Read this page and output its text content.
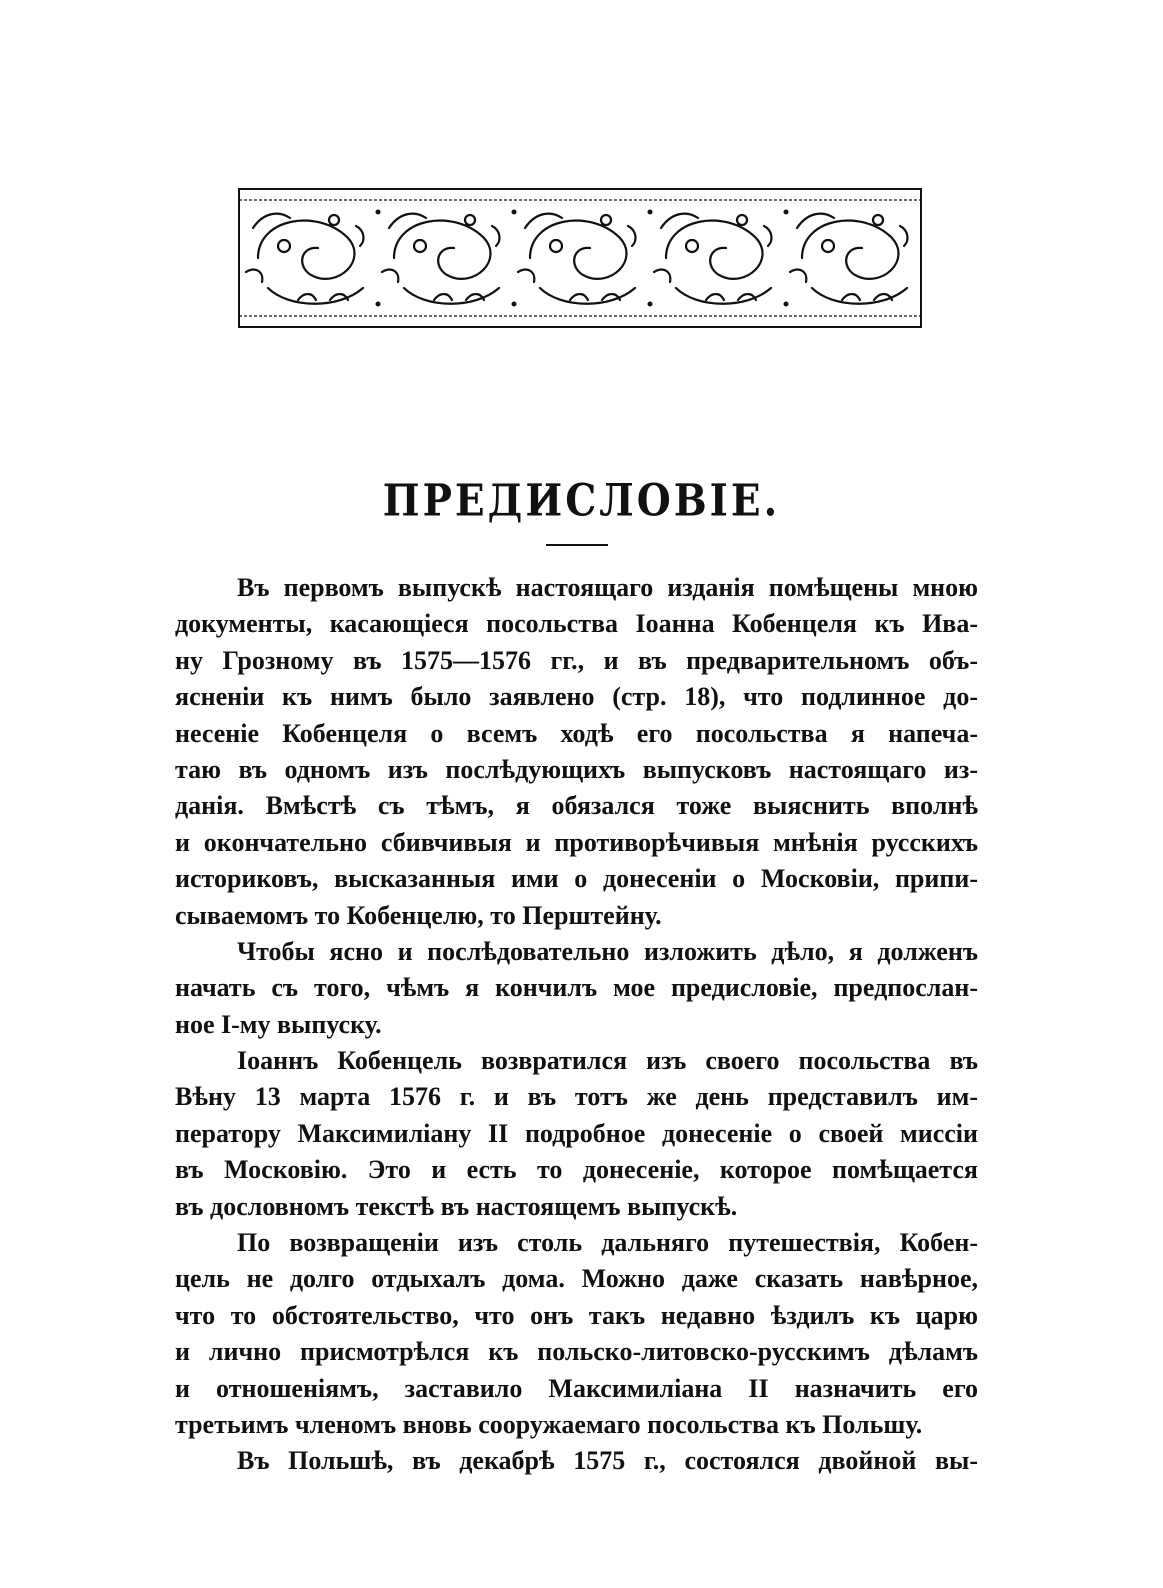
ПРЕДИСЛОВІЕ.
Въ первомъ выпускѣ настоящаго изданія помѣщены мною
документы, касающіеся посольства Іоанна Кобенцеля къ Ива-
ну Грозному въ 1575—1576 гг., и въ предварительномъ объ-
ясненіи къ нимъ было заявлено (стр. 18), что подлинное до-
несеніе Кобенцеля о всемъ ходѣ его посольства я напеча-
таю въ одномъ изъ послѣдующихъ выпусковъ настоящаго из-
данія. Вмѣстѣ съ тѣмъ, я обязался тоже выяснить вполнѣ
и окончательно сбивчивыя и противорѣчивыя мнѣнія русскихъ
историковъ, высказанныя ими о донесеніи о Московіи, припи-
сываемомъ то Кобенцелю, то Перштейну.
Чтобы ясно и послѣдовательно изложить дѣло, я долженъ
начать съ того, чѣмъ я кончилъ мое предисловіе, предпослан-
ное І-му выпуску.
Іоаннъ Кобенцель возвратился изъ своего посольства въ
Вѣну 13 марта 1576 г. и въ тотъ же день представилъ им-
ператору Максимиліану II подробное донесеніе о своей миссіи
въ Московію. Это и есть то донесеніе, которое помѣщается
въ дословномъ текстѣ въ настоящемъ выпускѣ.
По возвращеніи изъ столь дальняго путешествія, Кобен-
цель не долго отдыхалъ дома. Можно даже сказать навѣрное,
что то обстоятельство, что онъ такъ недавно ѣздилъ къ царю
и лично присмотрѣлся къ польско-литовско-русскимъ дѣламъ
и отношеніямъ, заставило Максимиліана II назначить его
третьимъ членомъ вновь сооружаемаго посольства къ Польшу.
Въ Польшѣ, въ декабрѣ 1575 г., состоялся двойной вы-
